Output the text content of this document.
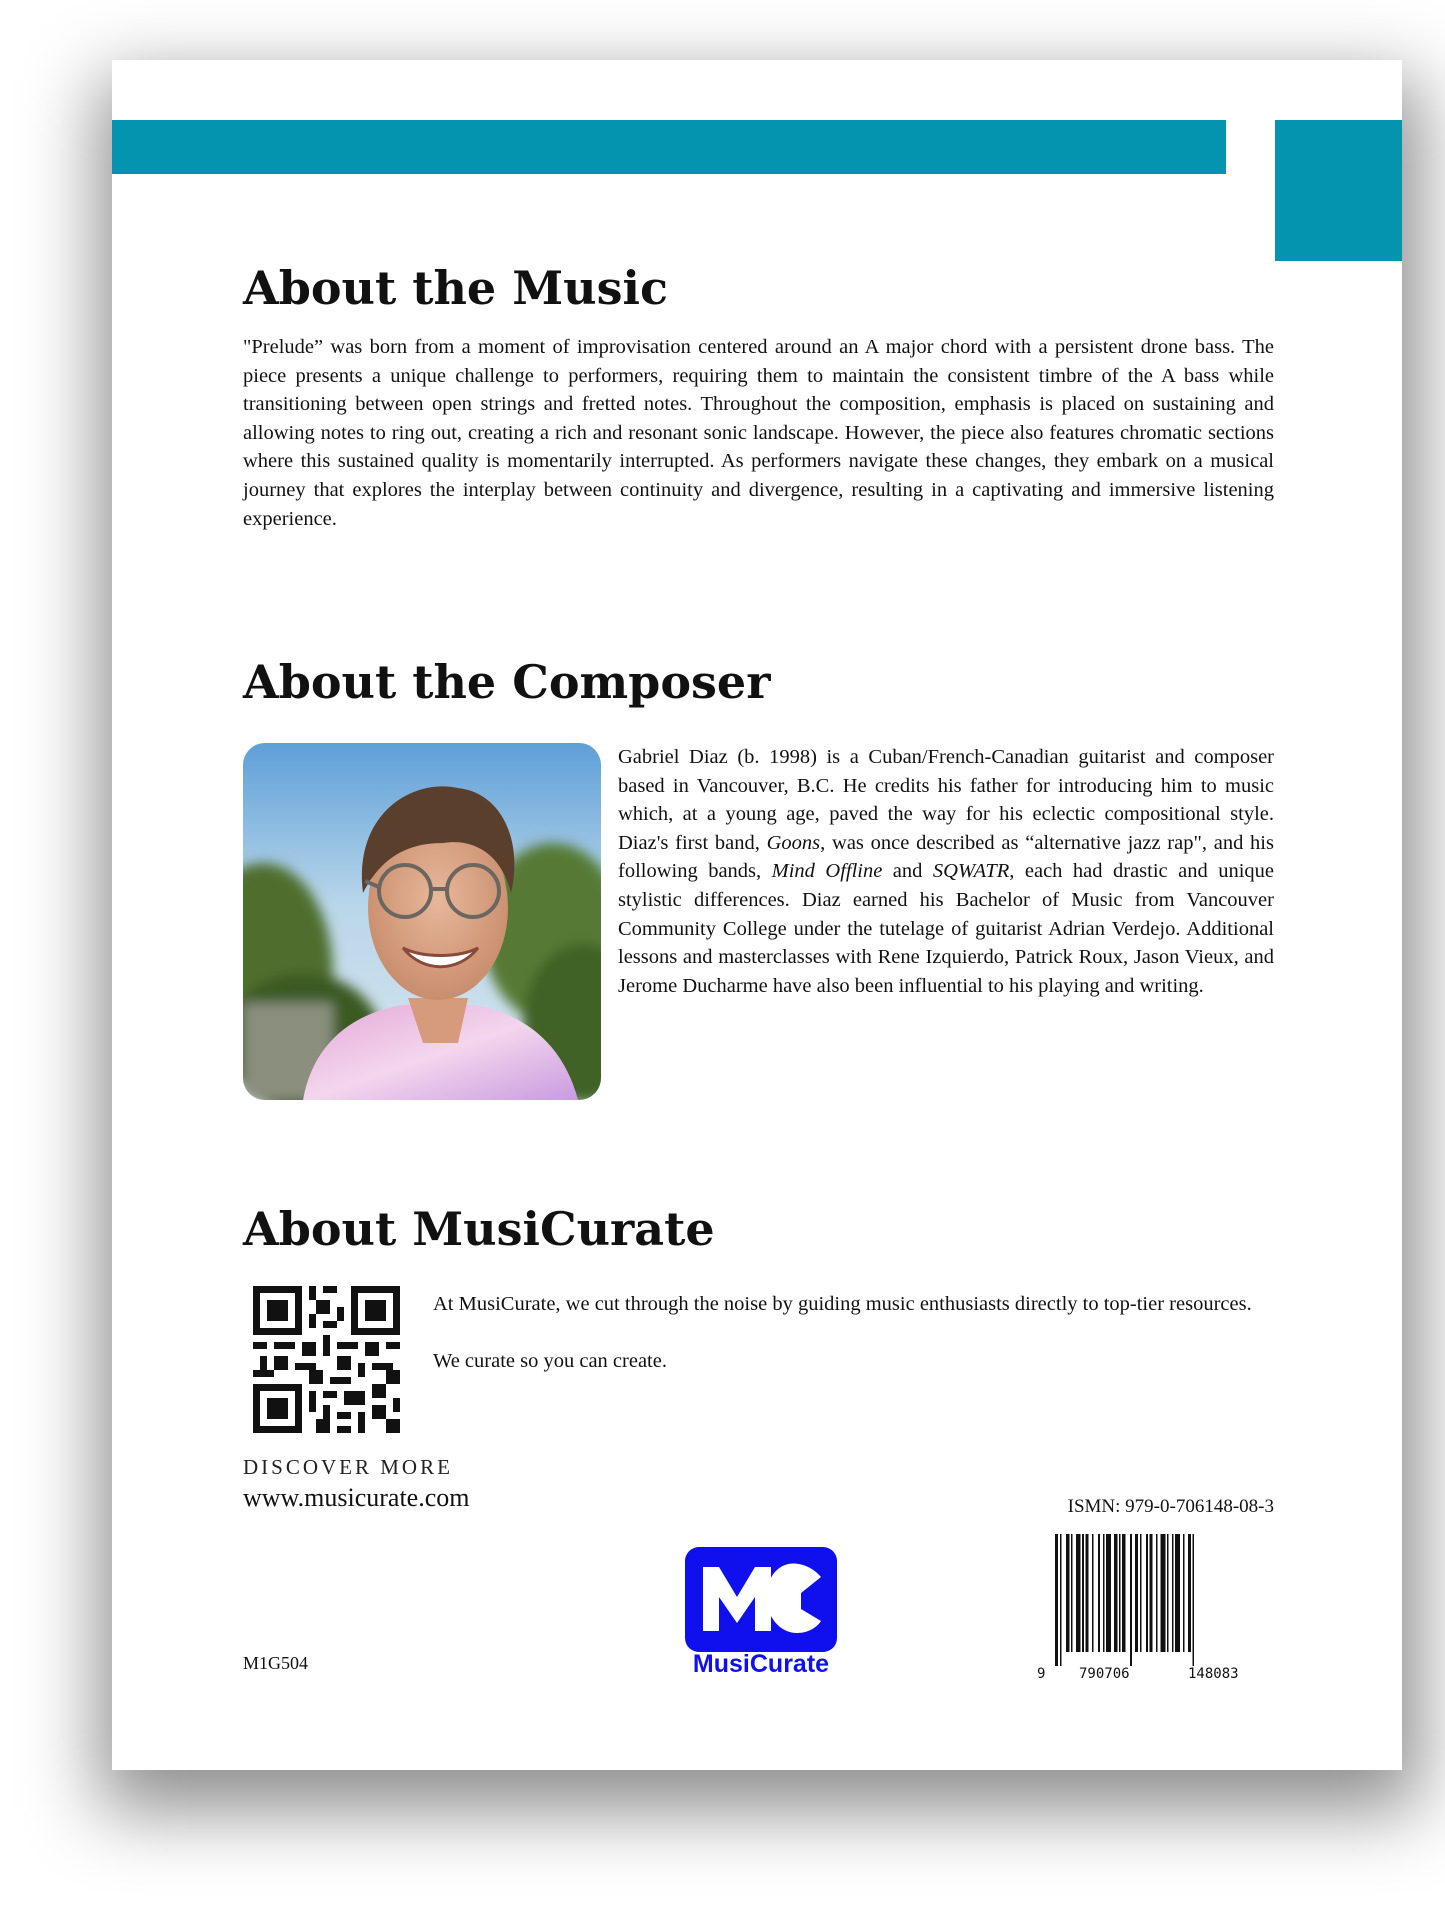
About the Music

"Prelude” was born from a moment of improvisation centered around an A major chord with a persistent drone bass. The piece presents a unique challenge to performers, requiring them to maintain the consistent timbre of the A bass while transitioning between open strings and fretted notes. Throughout the composition, emphasis is placed on sustaining and allowing notes to ring out, creating a rich and resonant sonic landscape. However, the piece also features chromatic sections where this sustained quality is momentarily interrupted. As performers navigate these changes, they embark on a musical journey that explores the interplay between continuity and divergence, resulting in a captivating and immersive listening experience.

About the Composer

Gabriel Diaz (b. 1998) is a Cuban/French-Canadian guitarist and composer based in Vancouver, B.C. He credits his father for introducing him to music which, at a young age, paved the way for his eclectic compositional style. Diaz's first band, Goons, was once described as “alternative jazz rap", and his following bands, Mind Offline and SQWATR, each had drastic and unique stylistic differences. Diaz earned his Bachelor of Music from Vancouver Community College under the tutelage of guitarist Adrian Verdejo. Additional lessons and masterclasses with Rene Izquierdo, Patrick Roux, Jason Vieux, and Jerome Ducharme have also been influential to his playing and writing.

About MusiCurate

At MusiCurate, we cut through the noise by guiding music enthusiasts directly to top-tier resources.

We curate so you can create.

DISCOVER MORE
www.musicurate.com
M1G504	MusiCurate
ISMN: 979-0-706148-08-3
9 790706	148083
